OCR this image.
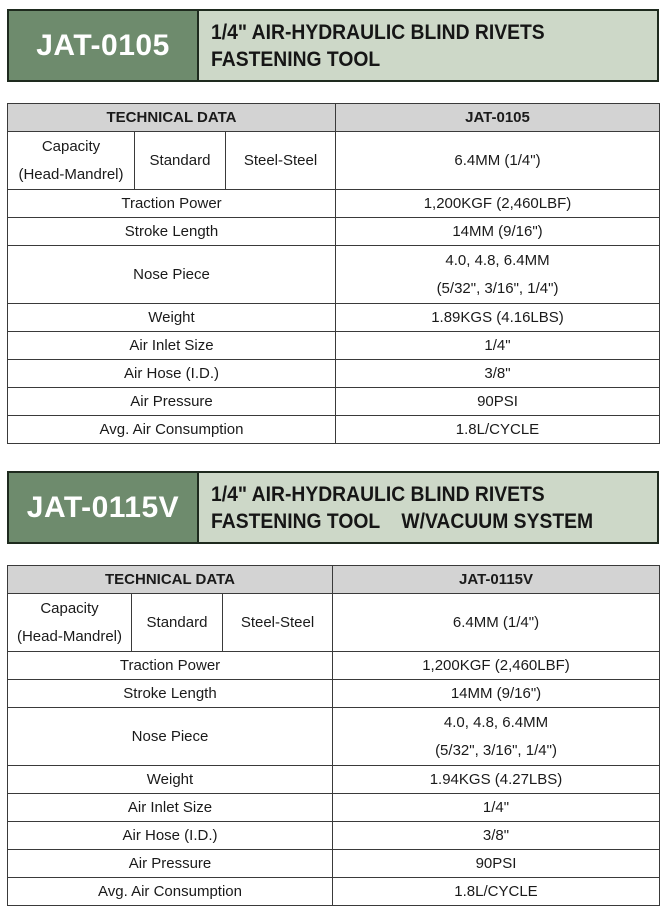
JAT-0105	1/4" AIR-HYDRAULIC BLIND RIVETS
FASTENING TOOL
TECHNICAL DATA			JAT-0105

Capacity
(Head-Mandrel)	Standard	Steel-Steel	6.4MM (1/4")
Traction Power			1,200KGF (2,460LBF)
Stroke Length			14MM (9/16")
Nose Piece			4.0, 4.8, 6.4MM
(5/32", 3/16", 1/4")

Weight			1.89KGS (4.16LBS)
Air Inlet Size			1/4"
Air Hose (I.D.)			3/8"
Air Pressure			90PSI
Avg. Air Consumption			1.8L/CYCLE
JAT-0115V	1/4" AIR-HYDRAULIC BLIND RIVETS
FASTENING TOOL    W/VACUUM SYSTEM
TECHNICAL DATA			JAT-0115V

Capacity
(Head-Mandrel)	Standard	Steel-Steel	6.4MM (1/4")
Traction Power			1,200KGF (2,460LBF)
Stroke Length			14MM (9/16")
Nose Piece			4.0, 4.8, 6.4MM
(5/32", 3/16", 1/4")

Weight			1.94KGS (4.27LBS)
Air Inlet Size			1/4"
Air Hose (I.D.)			3/8"
Air Pressure			90PSI
Avg. Air Consumption			1.8L/CYCLE
